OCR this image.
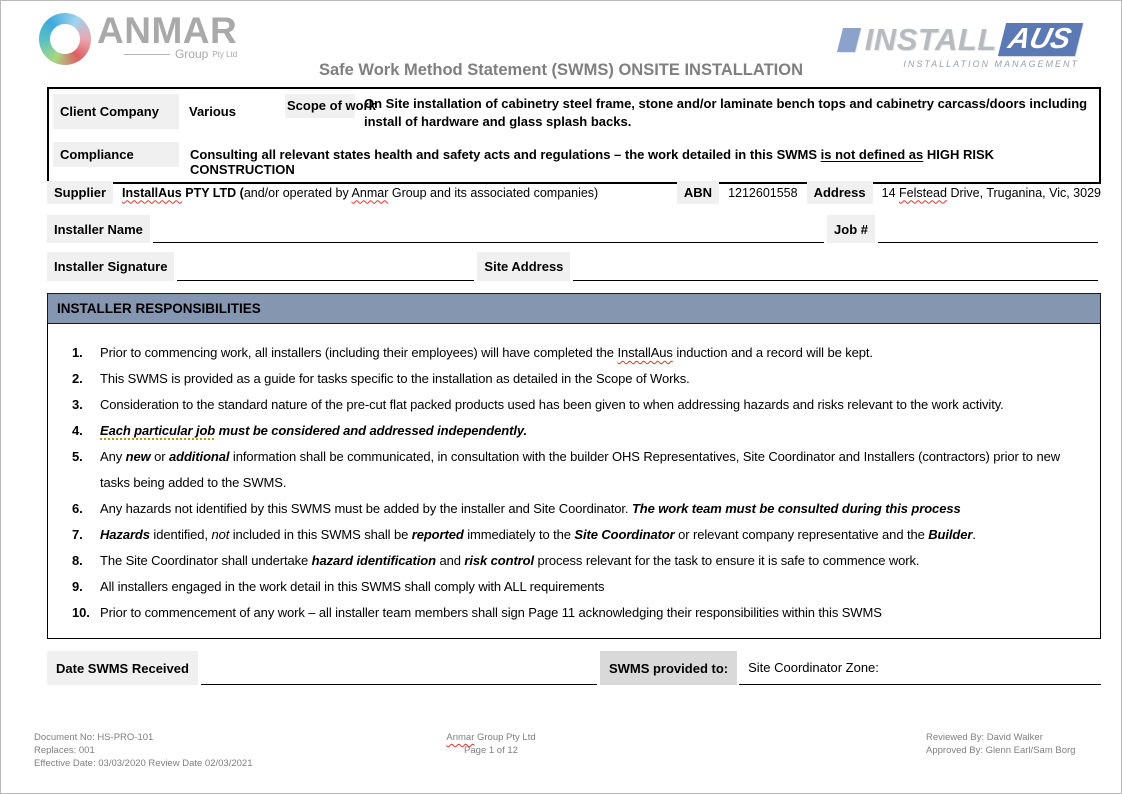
ANMAR
Group Pty Ltd	INSTALL AUS
INSTALLATION MANAGEMENT
Safe Work Method Statement (SWMS) ONSITE INSTALLATION
Client Company	Various	Scope of work
On Site installation of cabinetry steel frame, stone and/or laminate bench tops and cabinetry carcass/doors including install of hardware and glass splash backs.
Compliance	Consulting all relevant states health and safety acts and regulations – the work detailed in this SWMS is not defined as HIGH RISK CONSTRUCTION
Supplier	InstallAus PTY LTD (and/or operated by Anmar Group and its associated companies)	ABN	1212601558	Address	14 Felstead Drive, Truganina, Vic, 3029
Installer Name	Job #
Installer Signature	Site Address
INSTALLER RESPONSIBILITIES
1.	Prior to commencing work, all installers (including their employees) will have completed the InstallAus induction and a record will be kept.
2.	This SWMS is provided as a guide for tasks specific to the installation as detailed in the Scope of Works.
3.	Consideration to the standard nature of the pre-cut flat packed products used has been given to when addressing hazards and risks relevant to the work activity.
4.	Each particular job must be considered and addressed independently.
5.	Any new or additional information shall be communicated, in consultation with the builder OHS Representatives, Site Coordinator and Installers (contractors) prior to new tasks being added to the SWMS.
6.	Any hazards not identified by this SWMS must be added by the installer and Site Coordinator. The work team must be consulted during this process
7.	Hazards identified, not included in this SWMS shall be reported immediately to the Site Coordinator or relevant company representative and the Builder.
8.	The Site Coordinator shall undertake hazard identification and risk control process relevant for the task to ensure it is safe to commence work.
9.	All installers engaged in the work detail in this SWMS shall comply with ALL requirements
10. Prior to commencement of any work – all installer team members shall sign Page 11 acknowledging their responsibilities within this SWMS
Date SWMS Received	SWMS provided to:	Site Coordinator Zone:
Document No: HS-PRO-101
Replaces: 001
Effective Date: 03/03/2020 Review Date 02/03/2021
Anmar Group Pty Ltd
Page 1 of 12
Reviewed By: David Walker
Approved By: Glenn Earl/Sam Borg
